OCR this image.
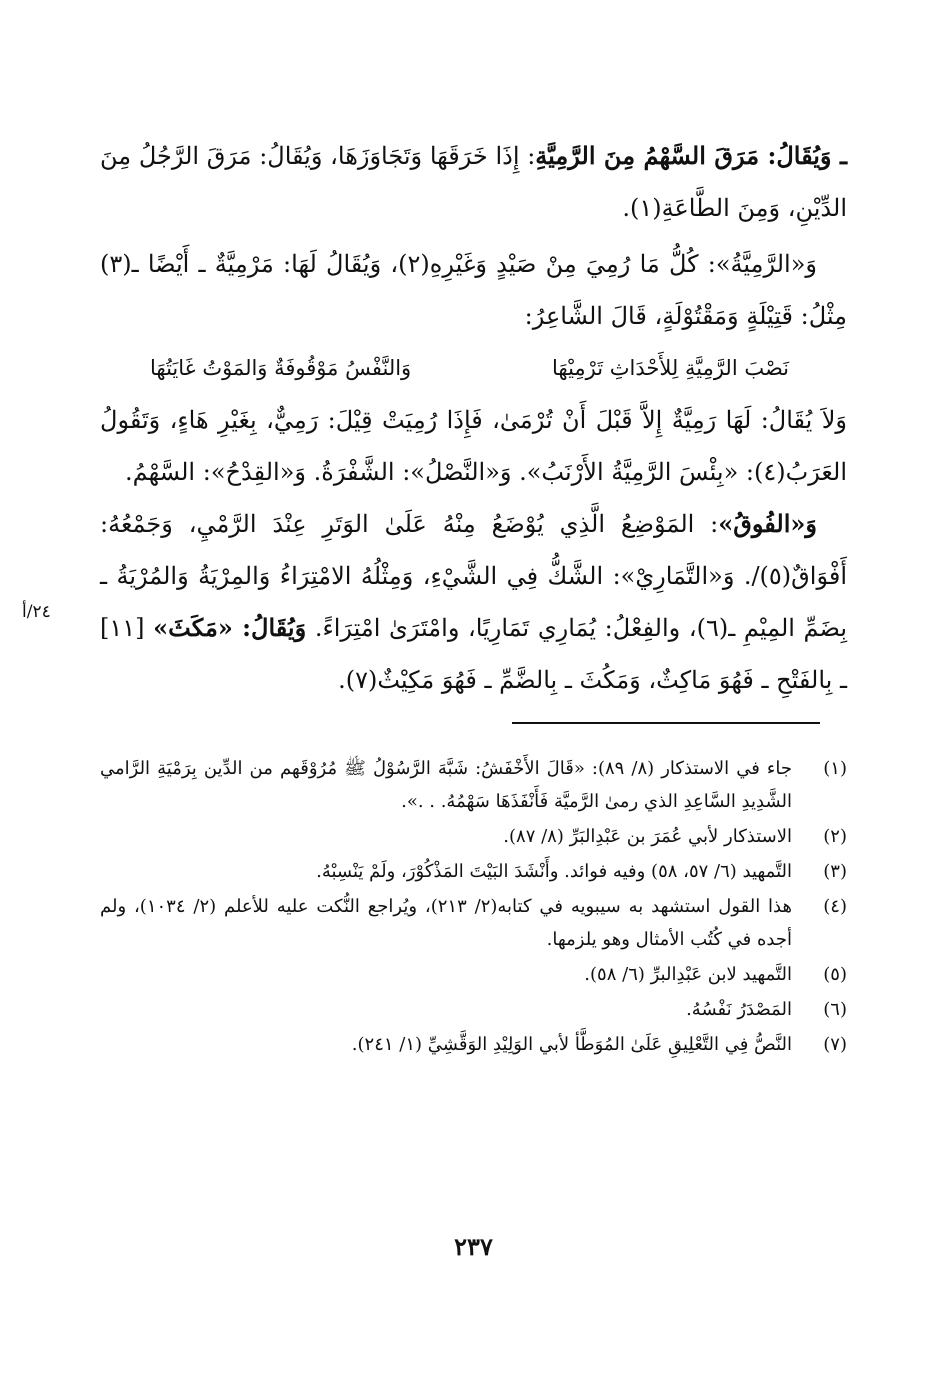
ـ وَيُقَالُ: مَرَقَ السَّهْمُ مِنَ الرَّمِيَّةِ: إِذَا خَرَقَهَا وَتَجَاوَزَهَا، وَيُقَالُ: مَرَقَ الرَّجُلُ مِنَ الدِّيْنِ، وَمِنَ الطَّاعَةِ(١).

وَ«الرَّمِيَّةُ»: كُلُّ مَا رُمِيَ مِنْ صَيْدٍ وَغَيْرِهِ(٢)، وَيُقَالُ لَهَا: مَرْمِيَّةٌ ـ أَيْضًا ـ(٣) مِثْلُ: قَتِيْلَةٍ وَمَقْتُوْلَةٍ، قَالَ الشَّاعِرُ:

نَصْبَ الرَّمِيَّةِ لِلأَحْدَاثِ تَرْمِيْهَا
وَالنَّفْسُ مَوْقُوفَةٌ وَالمَوْتُ غَايَتُهَا

وَلاَ يُقَالُ: لَهَا رَمِيَّةٌ إِلاَّ قَبْلَ أَنْ تُرْمَىٰ، فَإِذَا رُمِيَتْ قِيْلَ: رَمِيٌّ، بِغَيْرِ هَاءٍ، وَتَقُولُ العَرَبُ(٤): «بِئْسَ الرَّمِيَّةُ الأَرْنَبُ». وَ«النَّصْلُ»: الشَّفْرَةُ. وَ«القِدْحُ»: السَّهْمُ.

وَ«الفُوقُ»: المَوْضِعُ الَّذِي يُوْضَعُ مِنْهُ عَلَىٰ الوَتَرِ عِنْدَ الرَّمْيِ، وَجَمْعُهُ: أَفْوَاقٌ(٥)/. وَ«التَّمَارِيْ»: الشَّكُّ فِي الشَّيْءِ، وَمِثْلُهُ الامْتِرَاءُ وَالمِرْيَةُ وَالمُرْيَةُ ـ بِضَمِّ المِيْمِ ـ(٦)، والفِعْلُ: يُمَارِي تَمَارِيًا، وامْتَرَىٰ امْتِرَاءً. وَيُقَالُ: «مَكَثَ» [١١] ـ بِالفَتْحِ ـ فَهُوَ مَاكِثٌ، وَمَكُثَ ـ بِالضَّمِّ ـ فَهُوَ مَكِيْثٌ(٧).

٢٤/أ
(١)
جاء في الاستذكار (٨/ ٨٩): «قَالَ الأَخْفَشُ: شَبَّهَ الرَّسُوْلُ ﷺ مُرُوْقَهم من الدِّين بِرَمْيَةِ الرَّامي الشَّدِيدِ السَّاعِدِ الذي رمىٰ الرَّميَّة فَأَنْفَذَهَا سَهْمُهُ. . .».
(٢)
الاستذكار لأبي عُمَرَ بن عَبْدِالبَرِّ (٨/ ٨٧).
(٣)
التَّمهيد (٦/ ٥٧، ٥٨) وفيه فوائد. وأَنْشَدَ البَيْتَ المَذْكُوْرَ، ولَمْ يَنْسِبْهُ.
(٤)
هذا القول استشهد به سيبويه في كتابه(٢/ ٢١٣)، ويُراجع النُّكت عليه للأعلم (٢/ ١٠٣٤)، ولم أجده في كُتُب الأمثال وهو يلزمها.
(٥)
التَّمهيد لابن عَبْدِالبرِّ (٦/ ٥٨).
(٦)
المَصْدَرُ نَفْسُهُ.
(٧)
النَّصُّ فِي التَّعْلِيقِ عَلَىٰ المُوَطَّأ لأبي الوَلِيْدِ الوَقَّشِيِّ (١/ ٢٤١).
٢٣٧
